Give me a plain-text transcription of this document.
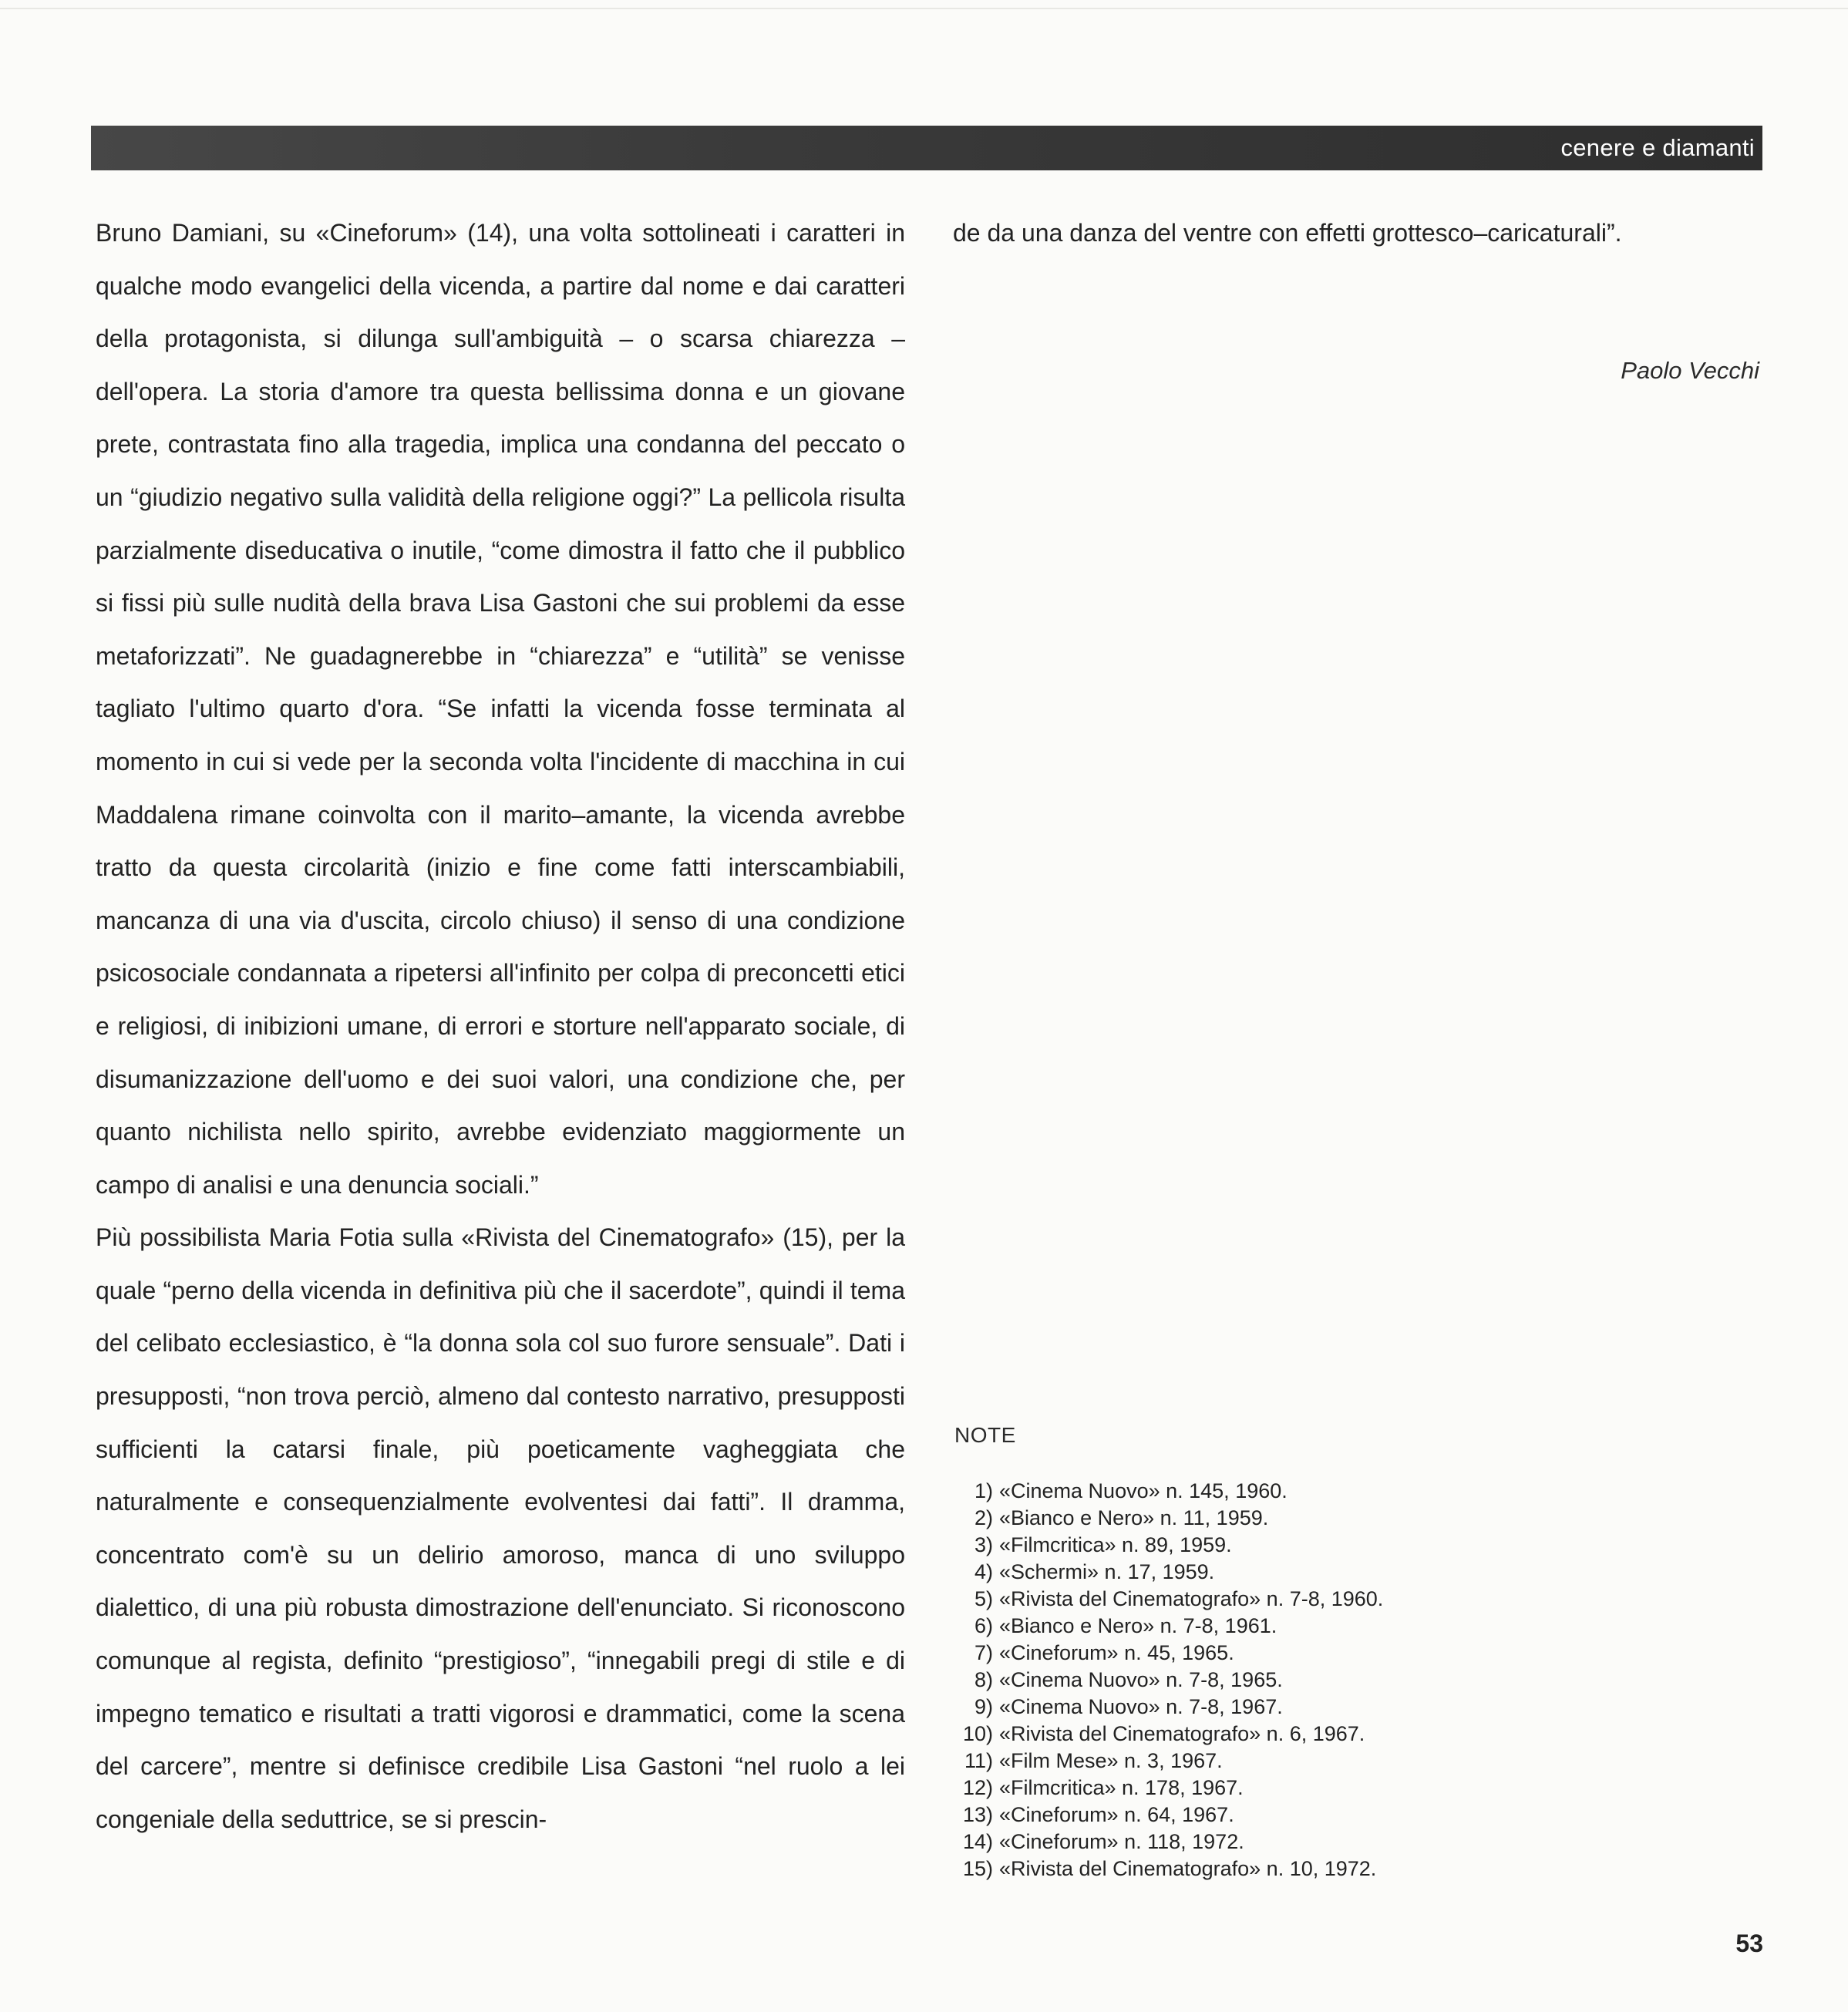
cenere e diamanti

Bruno Damiani, su «Cineforum» (14), una volta sottolineati i caratteri in qualche modo evangelici della vicenda, a partire dal nome e dai caratteri della protagonista, si dilunga sull'ambiguità – o scarsa chiarezza – dell'opera. La storia d'amore tra questa bellissima donna e un giovane prete, contrastata fino alla tragedia, implica una condanna del peccato o un “giudizio negativo sulla validità della religione oggi?” La pellicola risulta parzialmente diseducativa o inutile, “come dimostra il fatto che il pubblico si fissi più sulle nudità della brava Lisa Gastoni che sui problemi da esse metaforizzati”. Ne guadagnerebbe in “chiarezza” e “utilità” se venisse tagliato l'ultimo quarto d'ora. “Se infatti la vicenda fosse terminata al momento in cui si vede per la seconda volta l'incidente di macchina in cui Maddalena rimane coinvolta con il marito–amante, la vicenda avrebbe tratto da questa circolarità (inizio e fine come fatti interscambiabili, mancanza di una via d'uscita, circolo chiuso) il senso di una condizione psicosociale condannata a ripetersi all'infinito per colpa di preconcetti etici e religiosi, di inibizioni umane, di errori e storture nell'apparato sociale, di disumanizzazione dell'uomo e dei suoi valori, una condizione che, per quanto nichilista nello spirito, avrebbe evidenziato maggiormente un campo di analisi e una denuncia sociali.”

Più possibilista Maria Fotia sulla «Rivista del Cinematografo» (15), per la quale “perno della vicenda in definitiva più che il sacerdote”, quindi il tema del celibato ecclesiastico, è “la donna sola col suo furore sensuale”. Dati i presupposti, “non trova perciò, almeno dal contesto narrativo, presupposti sufficienti la catarsi finale, più poeticamente vagheggiata che naturalmente e consequenzialmente evolventesi dai fatti”. Il dramma, concentrato com'è su un delirio amoroso, manca di uno sviluppo dialettico, di una più robusta dimostrazione dell'enunciato. Si riconoscono comunque al regista, definito “prestigioso”, “innegabili pregi di stile e di impegno tematico e risultati a tratti vigorosi e drammatici, come la scena del carcere”, mentre si definisce credibile Lisa Gastoni “nel ruolo a lei congeniale della seduttrice, se si prescin-

de da una danza del ventre con effetti grottesco–caricaturali”.

Paolo Vecchi
NOTE
1) «Cinema Nuovo» n. 145, 1960.
2) «Bianco e Nero» n. 11, 1959.
3) «Filmcritica» n. 89, 1959.
4) «Schermi» n. 17, 1959.
5) «Rivista del Cinematografo» n. 7-8, 1960.
6) «Bianco e Nero» n. 7-8, 1961.
7) «Cineforum» n. 45, 1965.
8) «Cinema Nuovo» n. 7-8, 1965.
9) «Cinema Nuovo» n. 7-8, 1967.
10) «Rivista del Cinematografo» n. 6, 1967.
11) «Film Mese» n. 3, 1967.
12) «Filmcritica» n. 178, 1967.
13) «Cineforum» n. 64, 1967.
14) «Cineforum» n. 118, 1972.
15) «Rivista del Cinematografo» n. 10, 1972.
53
